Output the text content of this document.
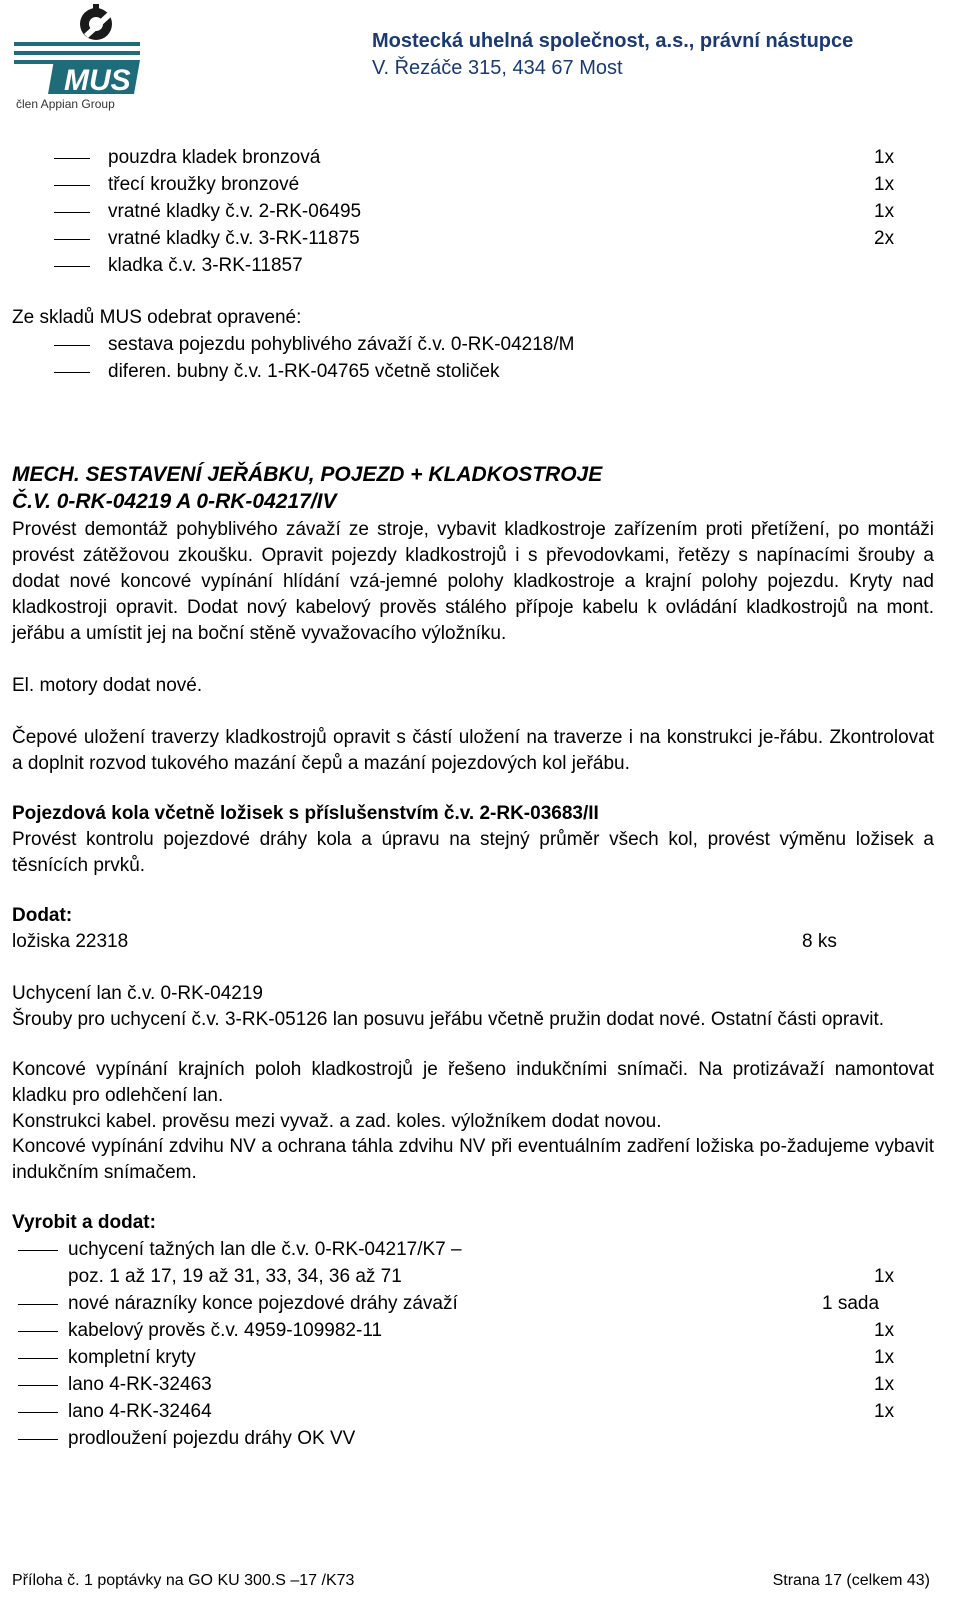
MUS
člen Appian Group
Mostecká uhelná společnost, a.s., právní nástupce
V. Řezáče 315, 434 67 Most
pouzdra kladek bronzová	1x
třecí kroužky bronzové	1x
vratné kladky č.v. 2-RK-06495	1x
vratné kladky č.v. 3-RK-11875	2x
kladka č.v. 3-RK-11857
Ze skladů MUS odebrat opravené:
sestava pojezdu pohyblivého závaží č.v. 0-RK-04218/M
diferen. bubny č.v. 1-RK-04765 včetně stoliček
MECH. SESTAVENÍ JEŘÁBKU, POJEZD + KLADKOSTROJE
Č.V. 0-RK-04219 A 0-RK-04217/IV
Provést demontáž pohyblivého závaží ze stroje, vybavit kladkostroje zařízením proti přetížení, po montáži provést zátěžovou zkoušku. Opravit pojezdy kladkostrojů i s převodovkami, řetězy s napínacími šrouby a dodat nové koncové vypínání hlídání vzá-jemné polohy kladkostroje a krajní polohy pojezdu. Kryty nad kladkostroji opravit. Dodat nový kabelový prověs stálého přípoje kabelu k ovládání kladkostrojů na mont. jeřábu a umístit jej na boční stěně vyvažovacího výložníku.
El. motory dodat nové.
Čepové uložení traverzy kladkostrojů opravit s částí uložení na traverze i na konstrukci je-řábu. Zkontrolovat a doplnit rozvod tukového mazání čepů a mazání pojezdových kol jeřábu.
Pojezdová kola včetně ložisek s příslušenstvím č.v. 2-RK-03683/II
Provést kontrolu pojezdové dráhy kola a úpravu na stejný průměr všech kol, provést výměnu ložisek a těsnících prvků.
Dodat:
ložiska 22318	8 ks
Uchycení lan č.v. 0-RK-04219
Šrouby pro uchycení č.v. 3-RK-05126 lan posuvu jeřábu včetně pružin dodat nové. Ostatní části opravit.
Koncové vypínání krajních poloh kladkostrojů je řešeno indukčními snímači. Na protizávaží namontovat kladku pro odlehčení lan.
Konstrukci kabel. prověsu mezi vyvaž. a zad. koles. výložníkem dodat novou.
Koncové vypínání zdvihu NV a ochrana táhla zdvihu NV při eventuálním zadření ložiska po-žadujeme vybavit indukčním snímačem.
Vyrobit a dodat:
uchycení tažných lan dle č.v. 0-RK-04217/K7 –
poz. 1 až 17, 19 až 31, 33, 34, 36 až 71	1x
nové nárazníky konce pojezdové dráhy závaží	1 sada
kabelový prověs č.v. 4959-109982-11	1x
kompletní kryty	1x
lano 4-RK-32463	1x
lano 4-RK-32464	1x
prodloužení pojezdu dráhy OK VV
Příloha č. 1 poptávky na GO KU 300.S –17 /K73	Strana 17 (celkem 43)
